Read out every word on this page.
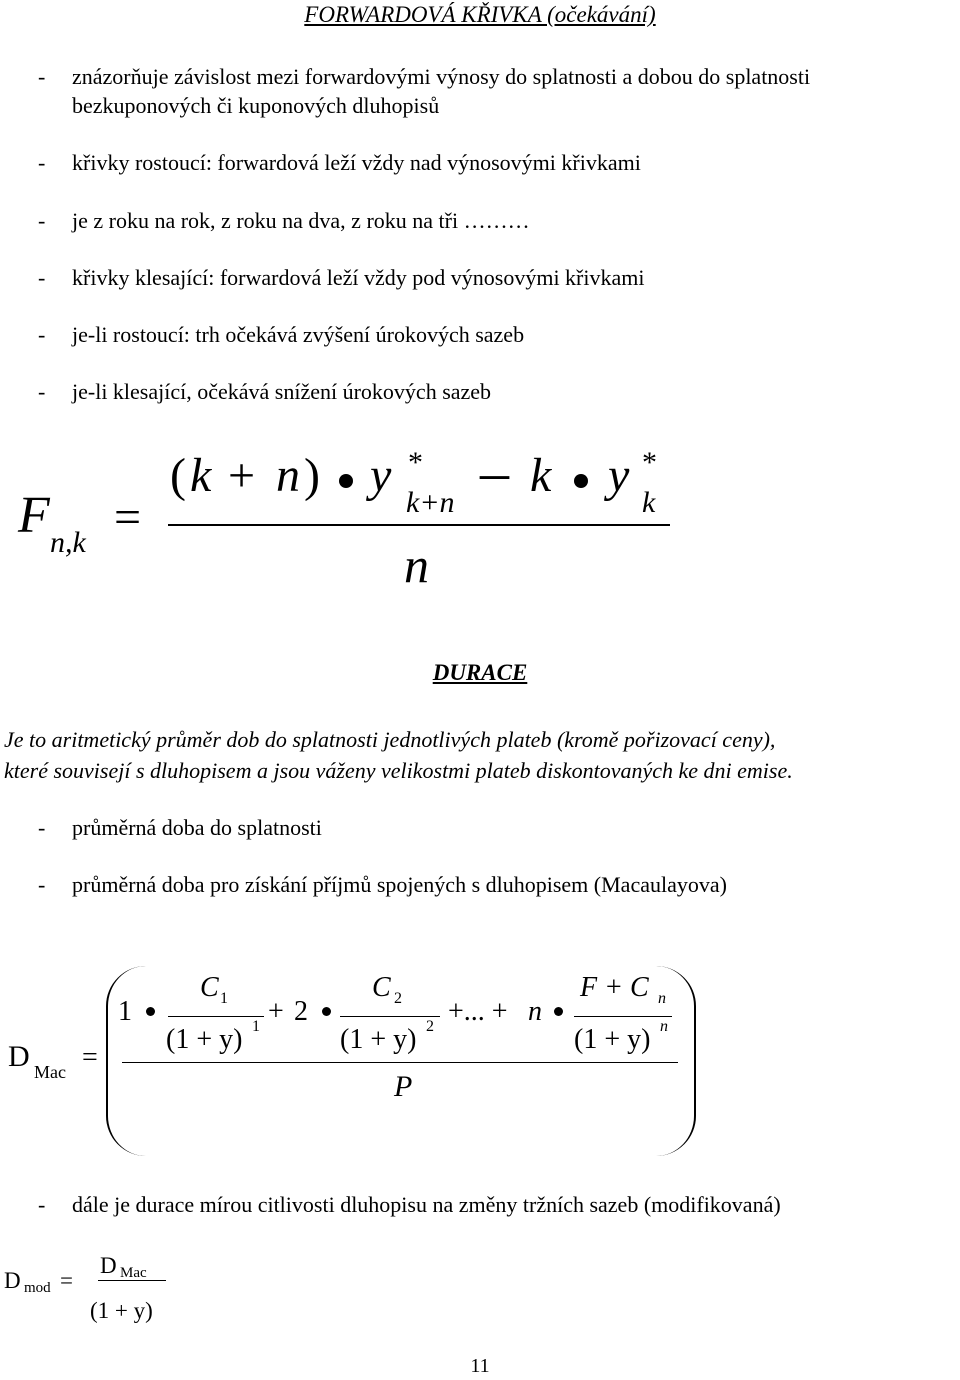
FORWARDOVÁ KŘIVKA (očekávání)
- znázorňuje závislost mezi forwardovými výnosy do splatnosti a dobou do splatnosti
bezkuponových či kuponových dluhopisů
- křivky rostoucí: forwardová leží vždy nad výnosovými křivkami
- je z roku na rok, z roku na dva, z roku na tři ………
- křivky klesající: forwardová leží vždy pod výnosovými křivkami
- je-li rostoucí: trh očekává zvýšení úrokových sazeb
- je-li klesající, očekává snížení úrokových sazeb
F n,k =
( k + n ) y *
k+n – k y *
k
n
DURACE
Je to aritmetický průměr dob do splatnosti jednotlivých plateb (kromě pořizovací ceny),
které souvisejí s dluhopisem a jsou váženy velikostmi plateb diskontovaných ke dni emise.
- průměrná doba do splatnosti
- průměrná doba pro získání příjmů spojených s dluhopisem (Macaulayova)
D Mac =
1
C 1
(1 + y) 1 + 2
C 2
(1 + y) 2 +... + n
F + C n
(1 + y) n
P
- dále je durace mírou citlivosti dluhopisu na změny tržních sazeb (modifikovaná)
D mod =
D Mac
(1 + y)
11
